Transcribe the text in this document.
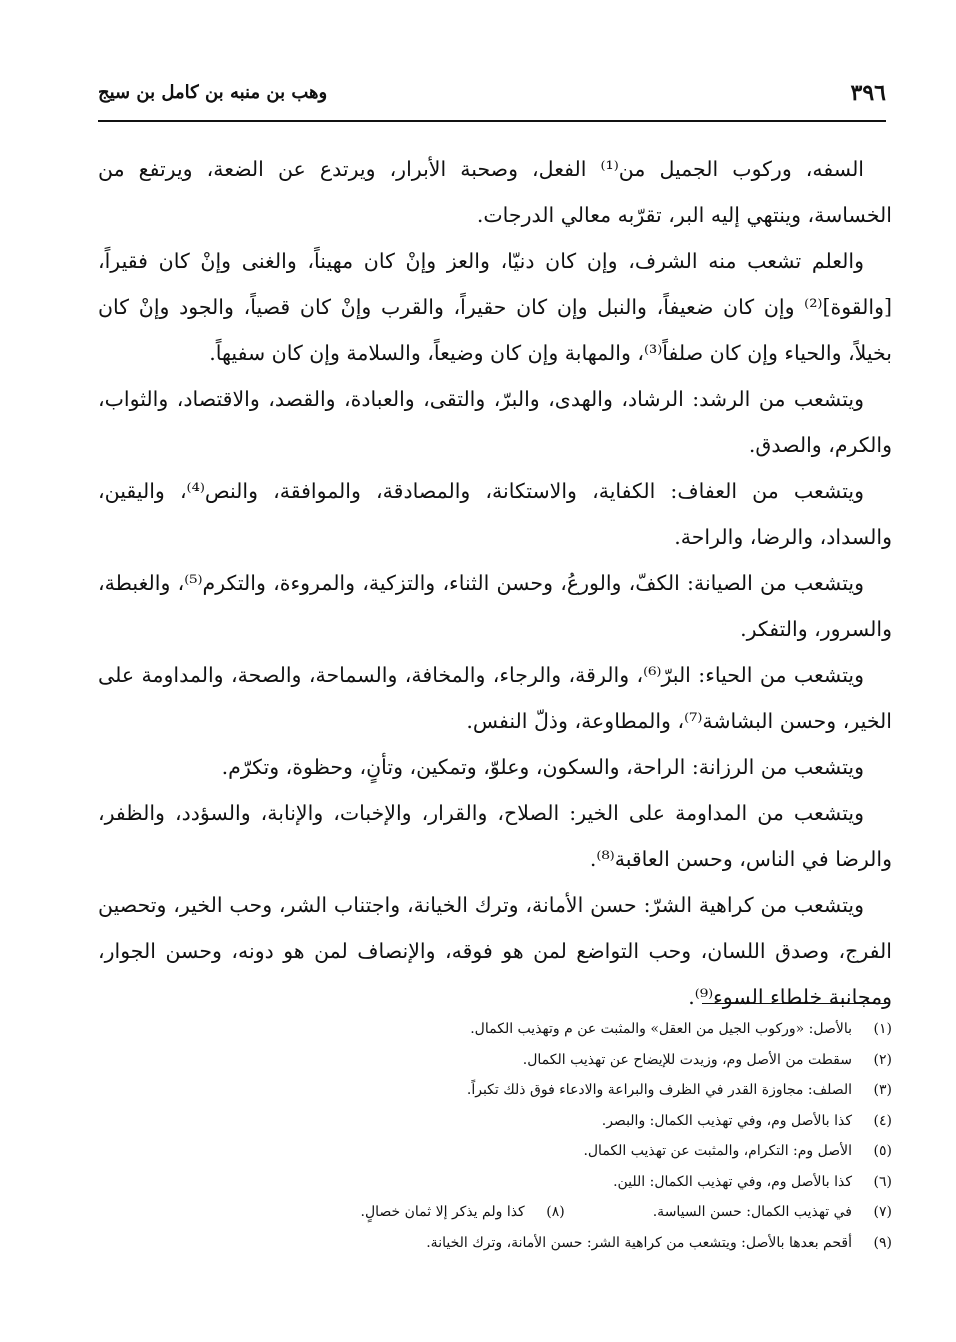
٣٩٦
وهب بن منبه بن كامل بن سيج

السفه، وركوب الجميل من⁽¹⁾ الفعل، وصحبة الأبرار، ويرتدع عن الضعة، ويرتفع من الخساسة، وينتهي إليه البر، تقرّبه معالي الدرجات.

والعلم تشعب منه الشرف، وإن كان دنيّا، والعز وإنْ كان مهيناً، والغنى وإنْ كان فقيراً، [والقوة]⁽²⁾ وإن كان ضعيفاً، والنبل وإن كان حقيراً، والقرب وإنْ كان قصياً، والجود وإنْ كان بخيلاً، والحياء وإن كان صلفاً⁽³⁾، والمهابة وإن كان وضيعاً، والسلامة وإن كان سفيهاً.

ويتشعب من الرشد: الرشاد، والهدى، والبرّ، والتقى، والعبادة، والقصد، والاقتصاد، والثواب، والكرم، والصدق.

ويتشعب من العفاف: الكفاية، والاستكانة، والمصادقة، والموافقة، والنص⁽⁴⁾، واليقين، والسداد، والرضا، والراحة.

ويتشعب من الصيانة: الكفّ، والورعُ، وحسن الثناء، والتزكية، والمروءة، والتكرم⁽⁵⁾، والغبطة، والسرور، والتفكر.

ويتشعب من الحياء: البرّ⁽⁶⁾، والرقة، والرجاء، والمخافة، والسماحة، والصحة، والمداومة على الخير، وحسن البشاشة⁽⁷⁾، والمطاوعة، وذلّ النفس.

ويتشعب من الرزانة: الراحة، والسكون، وعلوّ، وتمكين، وتأنٍ، وحظوة، وتكرّم.

ويتشعب من المداومة على الخير: الصلاح، والقرار، والإخبات، والإنابة، والسؤدد، والظفر، والرضا في الناس، وحسن العاقبة⁽⁸⁾.

ويتشعب من كراهية الشرّ: حسن الأمانة، وترك الخيانة، واجتناب الشر، وحب الخير، وتحصين الفرج، وصدق اللسان، وحب التواضع لمن هو فوقه، والإنصاف لمن هو دونه، وحسن الجوار، ومجانبة خلطاء السوء⁽⁹⁾.

(١)
بالأصل: «وركوب الجيل من العقل» والمثبت عن م وتهذيب الكمال.
(٢)
سقطت من الأصل وم، وزيدت للإيضاح عن تهذيب الكمال.
(٣)
الصلف: مجاوزة القدر في الظرف والبراعة والادعاء فوق ذلك تكبراً.
(٤)
كذا بالأصل وم، وفي تهذيب الكمال: والبصر.
(٥)
الأصل وم: التكرام، والمثبت عن تهذيب الكمال.
(٦)
كذا بالأصل وم، وفي تهذيب الكمال: اللين.
(٧)
في تهذيب الكمال: حسن السياسة.
(٨)
كذا ولم يذكر إلا ثمان خصالٍ.
(٩)
أقحم بعدها بالأصل: ويتشعب من كراهية الشر: حسن الأمانة، وترك الخيانة.
